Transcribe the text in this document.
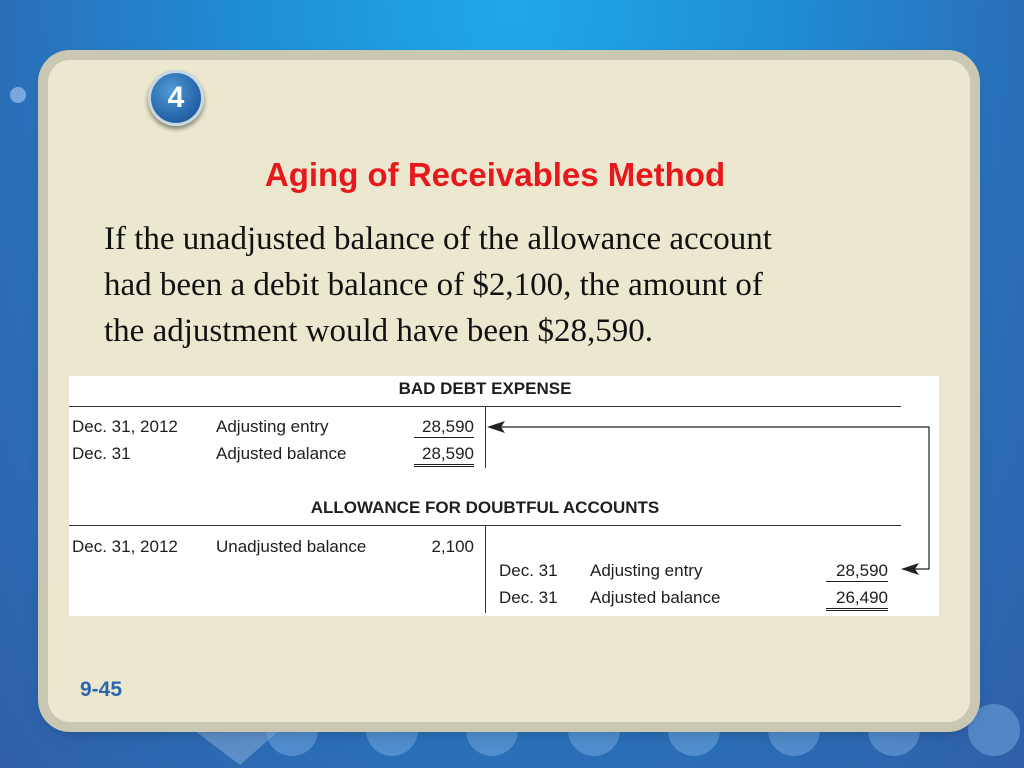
4
Aging of Receivables Method
If the unadjusted balance of the allowance account
had been a debit balance of $2,100, the amount of
the adjustment would have been $28,590.
BAD DEBT EXPENSE
Dec. 31, 2012 Adjusting entry	28,590
Dec. 31	Adjusted balance	28,590
ALLOWANCE FOR DOUBTFUL ACCOUNTS
Dec. 31, 2012 Unadjusted balance	2,100
Dec. 31 Adjusting entry	28,590
Dec. 31 Adjusted balance	26,490
9-45
